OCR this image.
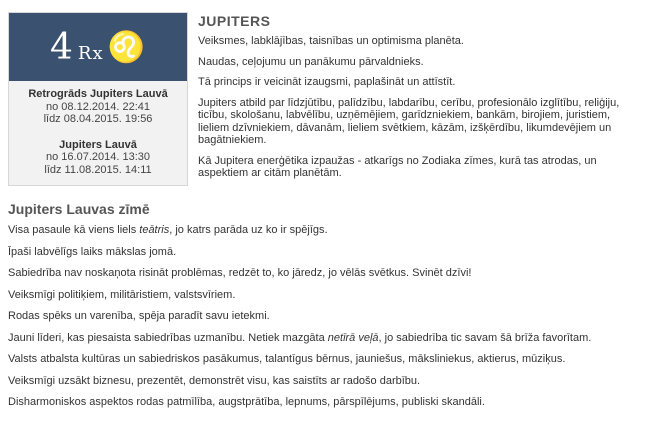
4 Rx ♌
Retrogrāds Jupiters Lauvā
no 08.12.2014. 22:41
līdz 08.04.2015. 19:56
Jupiters Lauvā
no 16.07.2014. 13:30
līdz 11.08.2015. 14:11
JUPITERS

Veiksmes, labklājības, taisnības un optimisma planēta.

Naudas, ceļojumu un panākumu pārvaldnieks.

Tā princips ir veicināt izaugsmi, paplašināt un attīstīt.

Jupiters atbild par līdzjūtību, palīdzību, labdarību, cerību, profesionālo izglītību, reliģiju, ticību, skološanu, labvēlību, uzņēmējiem, garīdzniekiem, bankām, birojiem, juristiem, lieliem dzīvniekiem, dāvanām, lieliem svētkiem, kāzām, izšķērdību, likumdevējiem un bagātniekiem.

Kā Jupitera enerģētika izpaužas - atkarīgs no Zodiaka zīmes, kurā tas atrodas, un aspektiem ar citām planētām.

Jupiters Lauvas zīmē

Visa pasaule kā viens liels teātris, jo katrs parāda uz ko ir spējīgs.

Īpaši labvēlīgs laiks mākslas jomā.

Sabiedrība nav noskaņota risināt problēmas, redzēt to, ko jāredz, jo vēlās svētkus. Svinēt dzīvi!

Veiksmīgi politiķiem, militāristiem, valstsvīriem.

Rodas spēks un varenība, spēja paradīt savu ietekmi.

Jauni līderi, kas piesaista sabiedrības uzmanību. Netiek mazgāta netīrā veļā, jo sabiedrība tic savam šā brīža favorītam.

Valsts atbalsta kultūras un sabiedriskos pasākumus, talantīgus bērnus, jauniešus, māksliniekus, aktierus, mūziķus.

Veiksmīgi uzsākt biznesu, prezentēt, demonstrēt visu, kas saistīts ar radošo darbību.

Disharmoniskos aspektos rodas patmīlība, augstprātība, lepnums, pārspīlējums, publiski skandāli.
